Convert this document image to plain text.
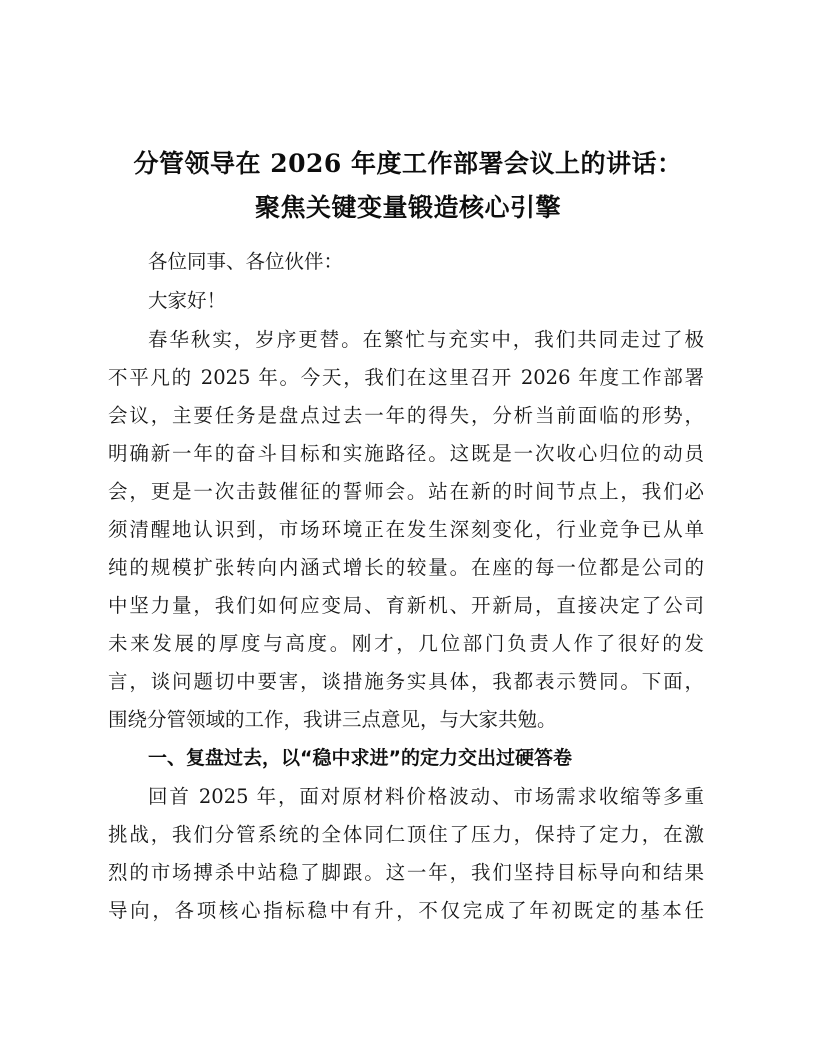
分管领导在 2026 年度工作部署会议上的讲话：
聚焦关键变量锻造核心引擎
各位同事、各位伙伴：
大家好！
春华秋实，岁序更替。在繁忙与充实中，我们共同走过了极
不平凡的 2025 年。今天，我们在这里召开 2026 年度工作部署
会议，主要任务是盘点过去一年的得失，分析当前面临的形势，
明确新一年的奋斗目标和实施路径。这既是一次收心归位的动员
会，更是一次击鼓催征的誓师会。站在新的时间节点上，我们必
须清醒地认识到，市场环境正在发生深刻变化，行业竞争已从单
纯的规模扩张转向内涵式增长的较量。在座的每一位都是公司的
中坚力量，我们如何应变局、育新机、开新局，直接决定了公司
未来发展的厚度与高度。刚才，几位部门负责人作了很好的发
言，谈问题切中要害，谈措施务实具体，我都表示赞同。下面，
围绕分管领域的工作，我讲三点意见，与大家共勉。
一、复盘过去，以“稳中求进”的定力交出过硬答卷
回首 2025 年，面对原材料价格波动、市场需求收缩等多重
挑战，我们分管系统的全体同仁顶住了压力，保持了定力，在激
烈的市场搏杀中站稳了脚跟。这一年，我们坚持目标导向和结果
导向，各项核心指标稳中有升，不仅完成了年初既定的基本任
